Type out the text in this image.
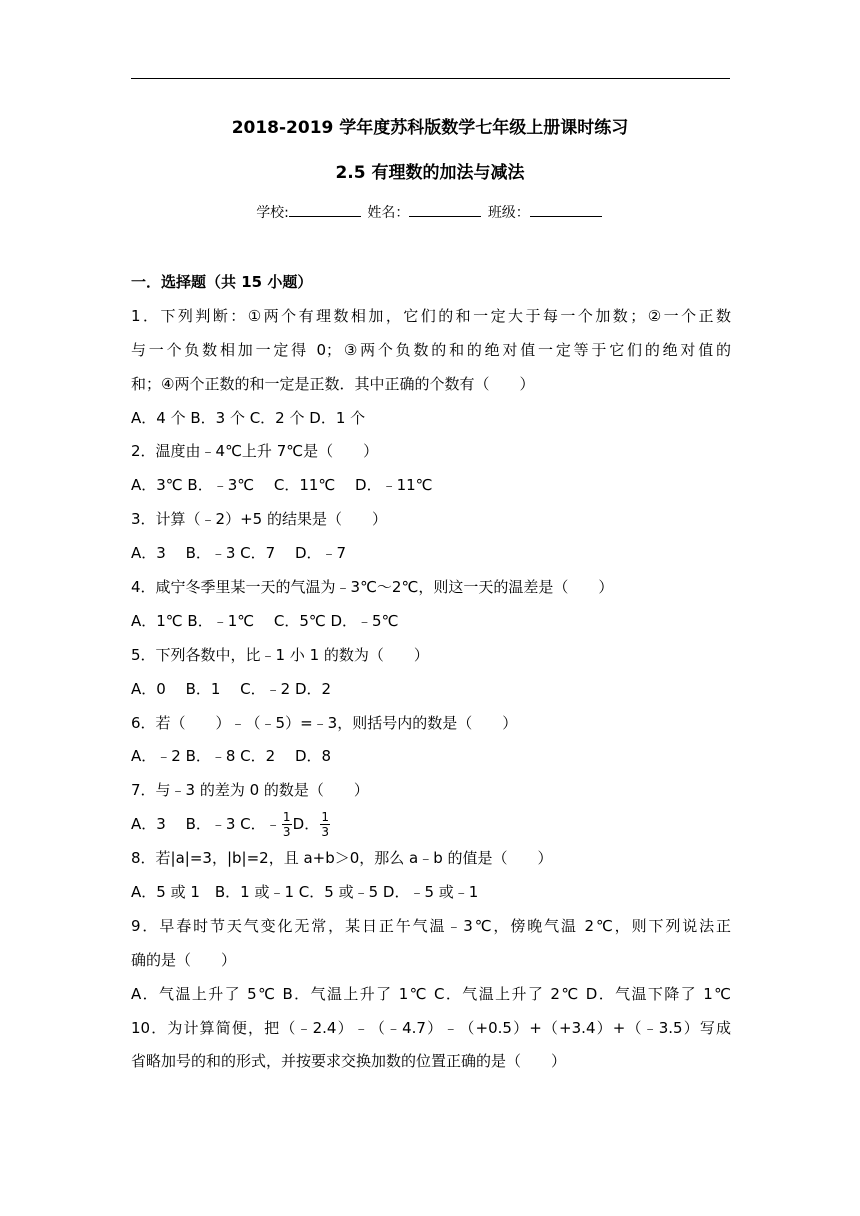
2018-2019 学年度苏科版数学七年级上册课时练习
2.5 有理数的加法与减法
学校:	姓名：	班级：
一．选择题（共 15 小题）
1．下列判断：①两个有理数相加，它们的和一定大于每一个加数；②一个正数
与一个负数相加一定得 0；③两个负数的和的绝对值一定等于它们的绝对值的
和；④两个正数的和一定是正数．其中正确的个数有（　　）
A．4 个 B．3 个 C．2 个 D．1 个
2．温度由﹣4℃上升 7℃是（　　）
A．3℃ B．﹣3℃　 C．11℃　 D．﹣11℃
3．计算（﹣2）+5 的结果是（　　）
A．3　 B．﹣3 C．7　 D．﹣7
4．咸宁冬季里某一天的气温为﹣3℃～2℃，则这一天的温差是（　　）
A．1℃ B．﹣1℃　 C．5℃ D．﹣5℃
5．下列各数中，比﹣1 小 1 的数为（　　）
A．0　 B．1　 C．﹣2 D．2
6．若（　　）﹣（﹣5）=﹣3，则括号内的数是（　　）
A．﹣2 B．﹣8 C．2　 D．8
7．与﹣3 的差为 0 的数是（　　）
A．3　 B．﹣3 C．﹣ $\frac{1}{3}$ D． $\frac{1}{3}$
8．若|a|=3，|b|=2，且 a+b＞0，那么 a﹣b 的值是（　　）
A．5 或 1　B．1 或﹣1 C．5 或﹣5 D．﹣5 或﹣1
9．早春时节天气变化无常，某日正午气温﹣3℃，傍晚气温 2℃，则下列说法正
确的是（　　）
A．气温上升了 5℃ B．气温上升了 1℃ C．气温上升了 2℃ D．气温下降了 1℃
10．为计算简便，把（﹣2.4）﹣（﹣4.7）﹣（+0.5）+（+3.4）+（﹣3.5）写成
省略加号的和的形式，并按要求交换加数的位置正确的是（　　）
